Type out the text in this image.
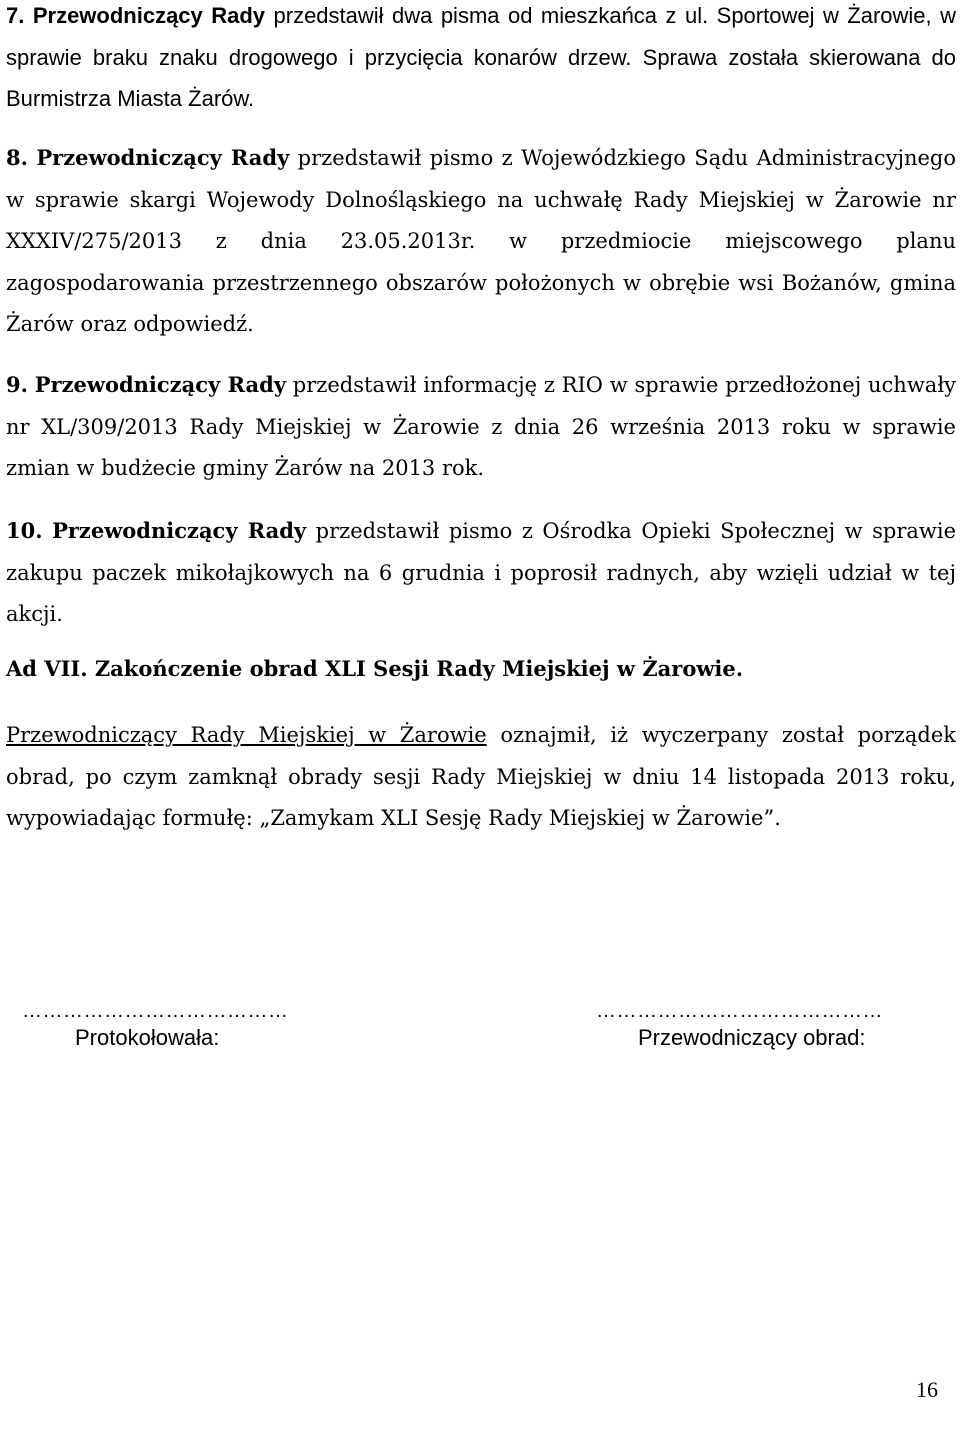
7. Przewodniczący Rady przedstawił dwa pisma od mieszkańca z ul. Sportowej w Żarowie, w sprawie braku znaku drogowego i przycięcia konarów drzew. Sprawa została skierowana do Burmistrza Miasta Żarów.

8. Przewodniczący Rady przedstawił pismo z Wojewódzkiego Sądu Administracyjnego w sprawie skargi Wojewody Dolnośląskiego na uchwałę Rady Miejskiej w Żarowie nr XXXIV/275/2013 z dnia 23.05.2013r. w przedmiocie miejscowego planu zagospodarowania przestrzennego obszarów położonych w obrębie wsi Bożanów, gmina Żarów oraz odpowiedź.

9. Przewodniczący Rady przedstawił informację z RIO w sprawie przedłożonej uchwały nr XL/309/2013 Rady Miejskiej w Żarowie z dnia 26 września 2013 roku w sprawie zmian w budżecie gminy Żarów na 2013 rok.

10. Przewodniczący Rady przedstawił pismo z Ośrodka Opieki Społecznej w sprawie zakupu paczek mikołajkowych na 6 grudnia i poprosił radnych, aby wzięli udział w tej akcji.

Ad VII. Zakończenie obrad XLI Sesji Rady Miejskiej w Żarowie.

Przewodniczący Rady Miejskiej w Żarowie oznajmił, iż wyczerpany został porządek obrad, po czym zamknął obrady sesji Rady Miejskiej w dniu 14 listopada 2013 roku, wypowiadając formułę: „Zamykam XLI Sesję Rady Miejskiej w Żarowie”.

…………………………………
Protokołowała:
……………………………………
Przewodniczący obrad:
16
